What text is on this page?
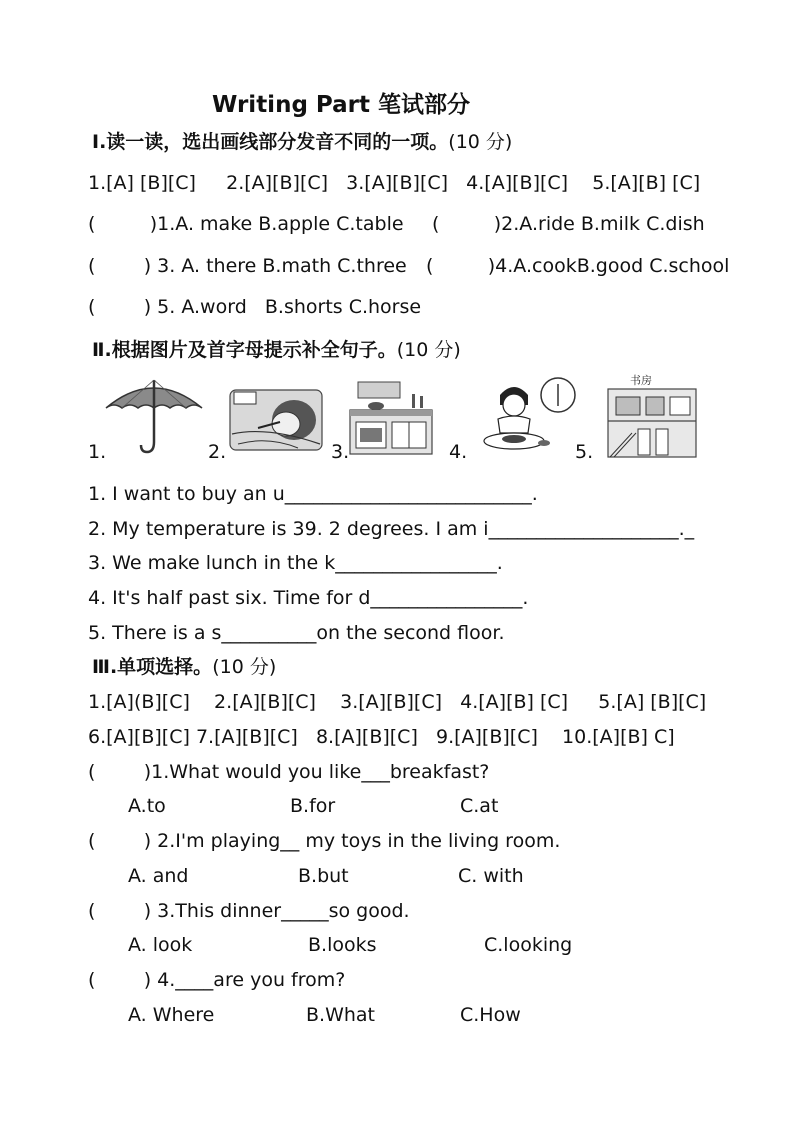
Writing Part 笔试部分
Ⅰ.读一读，选出画线部分发音不同的一项。(10 分)
1.[A] [B][C]     2.[A][B][C]   3.[A][B][C]   4.[A][B][C]    5.[A][B] [C]
(         )1.A. make B.apple C.table (         )2.A.ride B.milk C.dish
(        ) 3. A. there B.math C.three (         )4.A.cookB.good C.school
(        ) 5. A.word   B.shorts C.horse
Ⅱ.根据图片及首字母提示补全句子。(10 分)
1.	2.	3.	4.	5.
书房
1. I want to buy an u__________________________.
2. My temperature is 39. 2 degrees. I am i____________________._
3. We make lunch in the k_________________.
4. It's half past six. Time for d________________.
5. There is a s__________on the second floor.
Ⅲ.单项选择。(10 分)
1.[A](B][C]    2.[A][B][C]    3.[A][B][C]   4.[A][B] [C]     5.[A] [B][C]
6.[A][B][C] 7.[A][B][C]   8.[A][B][C]   9.[A][B][C]    10.[A][B] C]
(        )1.What would you like___breakfast?
A.to	B.for	C.at
(        ) 2.I'm playing__ my toys in the living room.
A. and	B.but	C. with
(        ) 3.This dinner_____so good.
A. look	B.looks	C.looking
(        ) 4.____are you from?
A. Where	B.What	C.How
